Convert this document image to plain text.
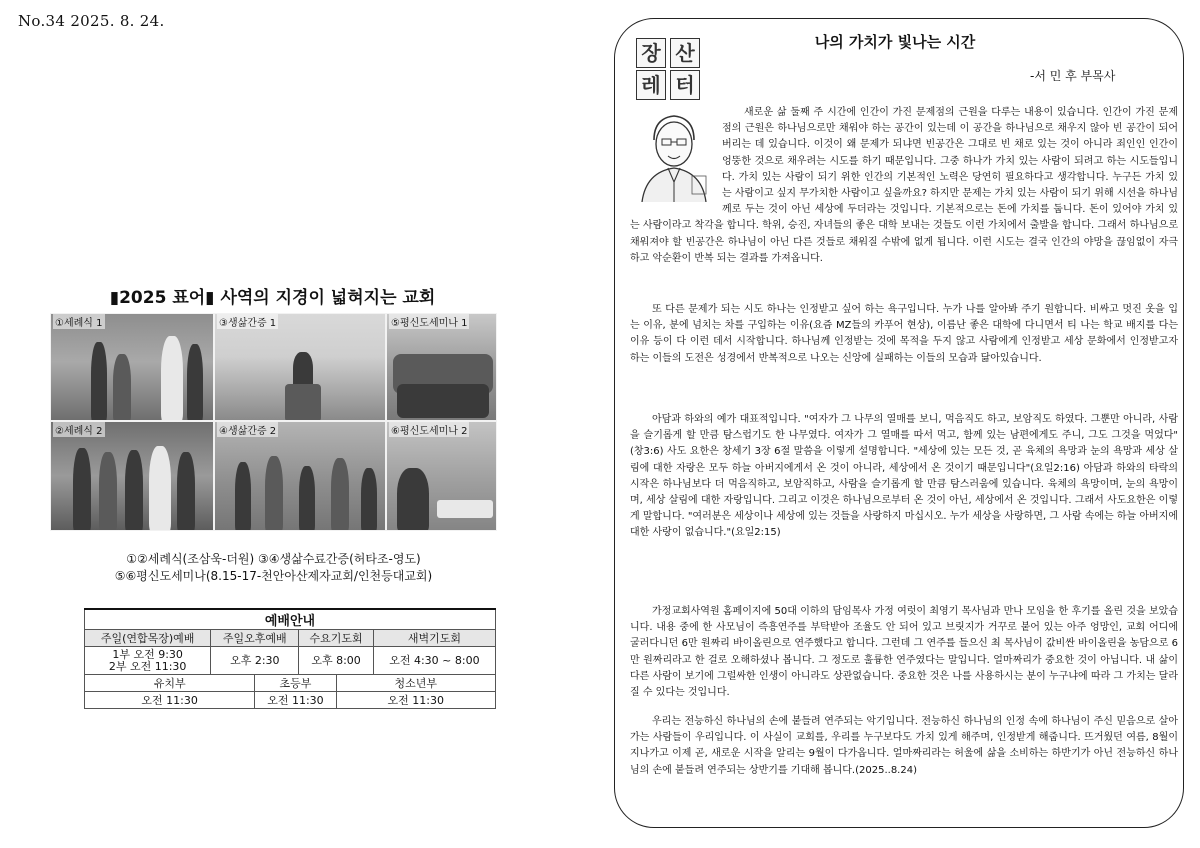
No.34 2025. 8. 24.
▮2025 표어▮ 사역의 지경이 넓혀지는 교회
①세례식 1	③생삶간증 1	⑤평신도세미나 1
②세례식 2	④생삶간증 2	⑥평신도세미나 2
①②세례식(조삼욱-더원) ③④생삶수료간증(허타조-영도)
⑤⑥평신도세미나(8.15-17-천안아산제자교회/인천등대교회)
예배안내					
주일(연합목장)예배	주일오후예배		수요기도회		새벽기도회
1부 오전 9:30
2부 오전 11:30	오후 2:30		오후 8:00		오전 4:30 ~ 8:00
유치부		초등부		청소년부	
오전 11:30		오전 11:30		오전 11:30	
장 산
레 터
나의 가치가 빛나는 시간
-서 민 후 부목사
새로운 삶 둘째 주 시간에 인간이 가진 문제점의 근원을 다루는 내용이 있습니다. 인간이 가진 문제점의 근원은 하나님으로만 채워야 하는 공간이 있는데 이 공간을 하나님으로 채우지 않아 빈 공간이 되어 버리는 데 있습니다. 이것이 왜 문제가 되냐면 빈공간은 그대로 빈 채로 있는 것이 아니라 죄인인 인간이 엉뚱한 것으로 채우려는 시도를 하기 때문입니다. 그중 하나가 가치 있는 사람이 되려고 하는 시도들입니다. 가치 있는 사람이 되기 위한 인간의 기본적인 노력은 당연히 필요하다고 생각합니다. 누구든 가치 있는 사람이고 싶지 무가치한 사람이고 싶을까요? 하지만 문제는 가치 있는 사람이 되기 위해 시선을 하나님께로 두는 것이 아닌 세상에 두더라는 것입니다. 기본적으로는 돈에 가치를 둡니다. 돈이 있어야 가치 있는 사람이라고 착각을 합니다. 학위, 승진, 자녀들의 좋은 대학 보내는 것들도 이런 가치에서 출발을 합니다. 그래서 하나님으로 채워져야 할 빈공간은 하나님이 아닌 다른 것들로 채워질 수밖에 없게 됩니다. 이런 시도는 결국 인간의 야망을 끊임없이 자극하고 악순환이 반복 되는 결과를 가져옵니다.
또 다른 문제가 되는 시도 하나는 인정받고 싶어 하는 욕구입니다. 누가 나를 알아봐 주기 원합니다. 비싸고 멋진 옷을 입는 이유, 분에 넘치는 차를 구입하는 이유(요즘 MZ들의 카푸어 현상), 이름난 좋은 대학에 다니면서 티 나는 학교 배지를 다는 이유 등이 다 이런 데서 시작합니다. 하나님께 인정받는 것에 목적을 두지 않고 사람에게 인정받고 세상 문화에서 인정받고자 하는 이들의 도전은 성경에서 반복적으로 나오는 신앙에 실패하는 이들의 모습과 닮아있습니다.
아담과 하와의 예가 대표적입니다. "여자가 그 나무의 열매를 보니, 먹음직도 하고, 보암직도 하였다. 그뿐만 아니라, 사람을 슬기롭게 할 만큼 탐스럽기도 한 나무였다. 여자가 그 열매를 따서 먹고, 함께 있는 남편에게도 주니, 그도 그것을 먹었다"(창3:6) 사도 요한은 창세기 3장 6절 말씀을 이렇게 설명합니다. "세상에 있는 모든 것, 곧 육체의 욕망과 눈의 욕망과 세상 살림에 대한 자랑은 모두 하늘 아버지에게서 온 것이 아니라, 세상에서 온 것이기 때문입니다"(요일2:16) 아담과 하와의 타락의 시작은 하나님보다 더 먹음직하고, 보암직하고, 사람을 슬기롭게 할 만큼 탐스러움에 있습니다. 육체의 욕망이며, 눈의 욕망이며, 세상 살림에 대한 자랑입니다. 그리고 이것은 하나님으로부터 온 것이 아닌, 세상에서 온 것입니다. 그래서 사도요한은 이렇게 말합니다. "여러분은 세상이나 세상에 있는 것들을 사랑하지 마십시오. 누가 세상을 사랑하면, 그 사람 속에는 하늘 아버지에 대한 사랑이 없습니다."(요일2:15)
가정교회사역원 홈페이지에 50대 이하의 담임목사 가정 여럿이 최영기 목사님과 만나 모임을 한 후기를 올린 것을 보았습니다. 내용 중에 한 사모님이 즉흥연주를 부탁받아 조율도 안 되어 있고 브릿지가 거꾸로 붙어 있는 아주 엉망인, 교회 어디에 굴러다니던 6만 원짜리 바이올린으로 연주했다고 합니다. 그런데 그 연주를 들으신 최 목사님이 값비싼 바이올린을 농담으로 6만 원짜리라고 한 걸로 오해하셨나 봅니다. 그 정도로 훌륭한 연주였다는 말입니다. 얼마짜리가 중요한 것이 아닙니다. 내 삶이 다른 사람이 보기에 그럴싸한 인생이 아니라도 상관없습니다. 중요한 것은 나를 사용하시는 분이 누구냐에 따라 그 가치는 달라질 수 있다는 것입니다.
우리는 전능하신 하나님의 손에 붙들려 연주되는 악기입니다. 전능하신 하나님의 인정 속에 하나님이 주신 믿음으로 살아가는 사람들이 우리입니다. 이 사실이 교회를, 우리를 누구보다도 가치 있게 해주며, 인정받게 해줍니다. 뜨거웠던 여름, 8월이 지나가고 이제 곧, 새로운 시작을 알리는 9월이 다가옵니다. 얼마짜리라는 허울에 삶을 소비하는 하반기가 아닌 전능하신 하나님의 손에 붙들려 연주되는 상반기를 기대해 봅니다.(2025..8.24)
